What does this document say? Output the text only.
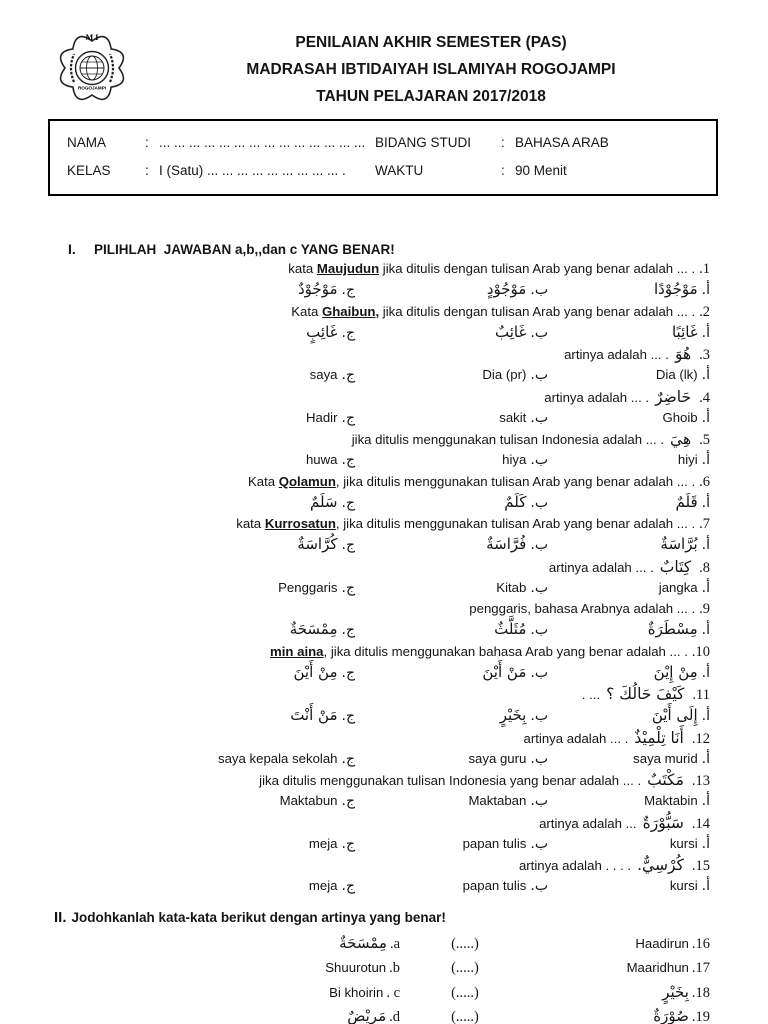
M I
ROGOJAMPI
PENILAIAN AKHIR SEMESTER (PAS)
MADRASAH IBTIDAIYAH ISLAMIYAH ROGOJAMPI
TAHUN PELAJARAN 2017/2018
NAMA	: ... ... ... ... ... ... ... ... ... ... ... ... ... ... BIDANG STUDI	: BAHASA ARAB
KELAS	: I (Satu) ... ... ... ... ... ... ... ... ... .	WAKTU	: 90 Menit
I.	PILIHLAH  JAWABAN a,b,,dan c YANG BENAR!
kata Maujudun jika ditulis dengan tulisan Arab yang benar adalah ... . .1
مَوْجُوْدٌ .ج	مَوْجُوْدٍ .ب	مَوْجُوْدًا .أ
Kata Ghaibun, jika ditulis dengan tulisan Arab yang benar adalah ... . .2
غَائِبٍ .ج	غَائِبٌ .ب	غَائِبًا .أ
artinya adalah ... . هُوَ .3
saya .ج	Dia (pr) .ب	Dia (lk) .أ
artinya adalah ... . حَاضِرٌ .4
Hadir .ج	sakit .ب	Ghoib .أ
jika ditulis menggunakan tulisan Indonesia adalah ... . هِيَ .5
huwa .ج	hiya .ب	hiyi .أ
Kata Qolamun, jika ditulis menggunakan tulisan Arab yang benar adalah ... . .6
سَلَمٌ .ج	كَلَمٌ .ب	قَلَمٌ .أ
kata Kurrosatun, jika ditulis menggunakan tulisan Arab yang benar adalah ... . .7
كُرَّاسَةٌ .ج	فُرَّاسَةٌ .ب	بُرَّاسَةٌ .أ
artinya adalah ... . كِتَابٌ .8
Penggaris .ج	Kitab .ب	jangka .أ
penggaris, bahasa Arabnya adalah ... . .9
مِمْسَحَةٌ .ج	مُثَلَّثٌ .ب	مِسْطَرَةٌ .أ
min aina, jika ditulis menggunakan bahasa Arab yang benar adalah ... . .10
مِنْ أَيْنَ .ج	مَنْ أَيْنَ .ب	مِنْ إِيْنَ .أ
. ... كَيْفَ حَالُكَ ؟ .11
مَنْ أَنْتَ .ج	بِخَيْرٍ .ب	إِلَى أَيْنَ .أ
artinya adalah ... . أَنَا تِلْمِيْذٌ .12
saya kepala sekolah .ج	saya guru .ب	saya murid .أ
jika ditulis menggunakan tulisan Indonesia yang benar adalah ... . مَكْتَبٌ .13
Maktabun .ج	Maktaban .ب	Maktabin .أ
artinya adalah ... سَبُّوْرَةٌ .14
meja .ج	papan tulis .ب	kursi .أ
artinya adalah . . . . كُرْسِيٌّ. .15
meja .ج	papan tulis .ب	kursi .أ
II. Jodohkanlah kata-kata berikut dengan artinya yang benar!
مِمْسَحَةٌ .a	(.....)	Haadirun .16
Shuurotun .b	(.....)	Maaridhun .17
Bi khoirin . c	(.....)	بِخَيْرٍ .18
مَرِيْضٌ .d	(.....)	صُوْرَةٌ .19
